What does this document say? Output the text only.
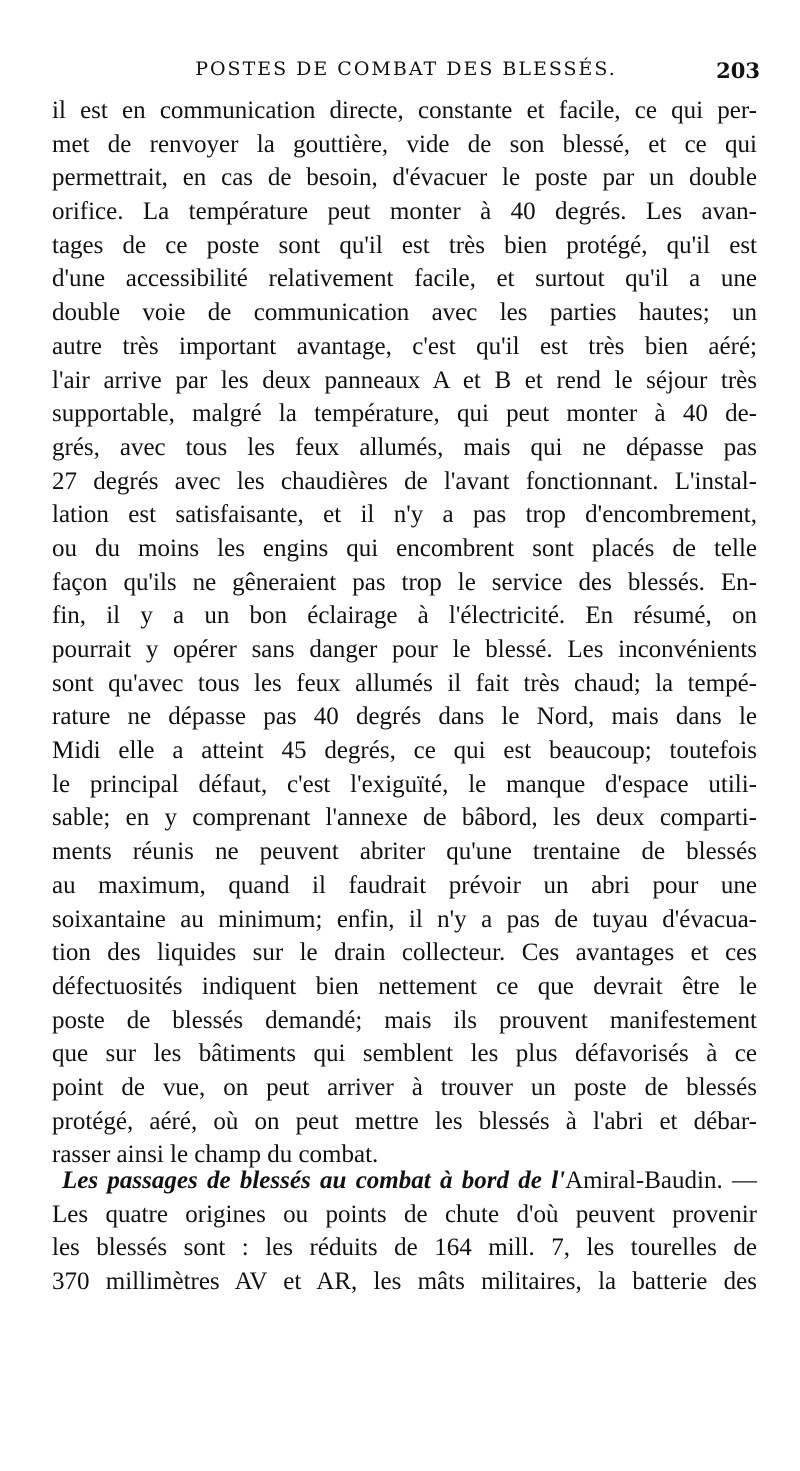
POSTES DE COMBAT DES BLESSÉS.	203
il est en communication directe, constante et facile, ce qui per-
met de renvoyer la gouttière, vide de son blessé, et ce qui
permettrait, en cas de besoin, d'évacuer le poste par un double
orifice. La température peut monter à 40 degrés. Les avan-
tages de ce poste sont qu'il est très bien protégé, qu'il est
d'une accessibilité relativement facile, et surtout qu'il a une
double voie de communication avec les parties hautes; un
autre très important avantage, c'est qu'il est très bien aéré;
l'air arrive par les deux panneaux A et B et rend le séjour très
supportable, malgré la température, qui peut monter à 40 de-
grés, avec tous les feux allumés, mais qui ne dépasse pas
27 degrés avec les chaudières de l'avant fonctionnant. L'instal-
lation est satisfaisante, et il n'y a pas trop d'encombrement,
ou du moins les engins qui encombrent sont placés de telle
façon qu'ils ne gêneraient pas trop le service des blessés. En-
fin, il y a un bon éclairage à l'électricité. En résumé, on
pourrait y opérer sans danger pour le blessé. Les inconvénients
sont qu'avec tous les feux allumés il fait très chaud; la tempé-
rature ne dépasse pas 40 degrés dans le Nord, mais dans le
Midi elle a atteint 45 degrés, ce qui est beaucoup; toutefois
le principal défaut, c'est l'exiguïté, le manque d'espace utili-
sable; en y comprenant l'annexe de bâbord, les deux comparti-
ments réunis ne peuvent abriter qu'une trentaine de blessés
au maximum, quand il faudrait prévoir un abri pour une
soixantaine au minimum; enfin, il n'y a pas de tuyau d'évacua-
tion des liquides sur le drain collecteur. Ces avantages et ces
défectuosités indiquent bien nettement ce que devrait être le
poste de blessés demandé; mais ils prouvent manifestement
que sur les bâtiments qui semblent les plus défavorisés à ce
point de vue, on peut arriver à trouver un poste de blessés
protégé, aéré, où on peut mettre les blessés à l'abri et débar-
rasser ainsi le champ du combat.
Les passages de blessés au combat à bord de l'Amiral-Baudin. —
Les quatre origines ou points de chute d'où peuvent provenir
les blessés sont : les réduits de 164 mill. 7, les tourelles de
370 millimètres AV et AR, les mâts militaires, la batterie des
